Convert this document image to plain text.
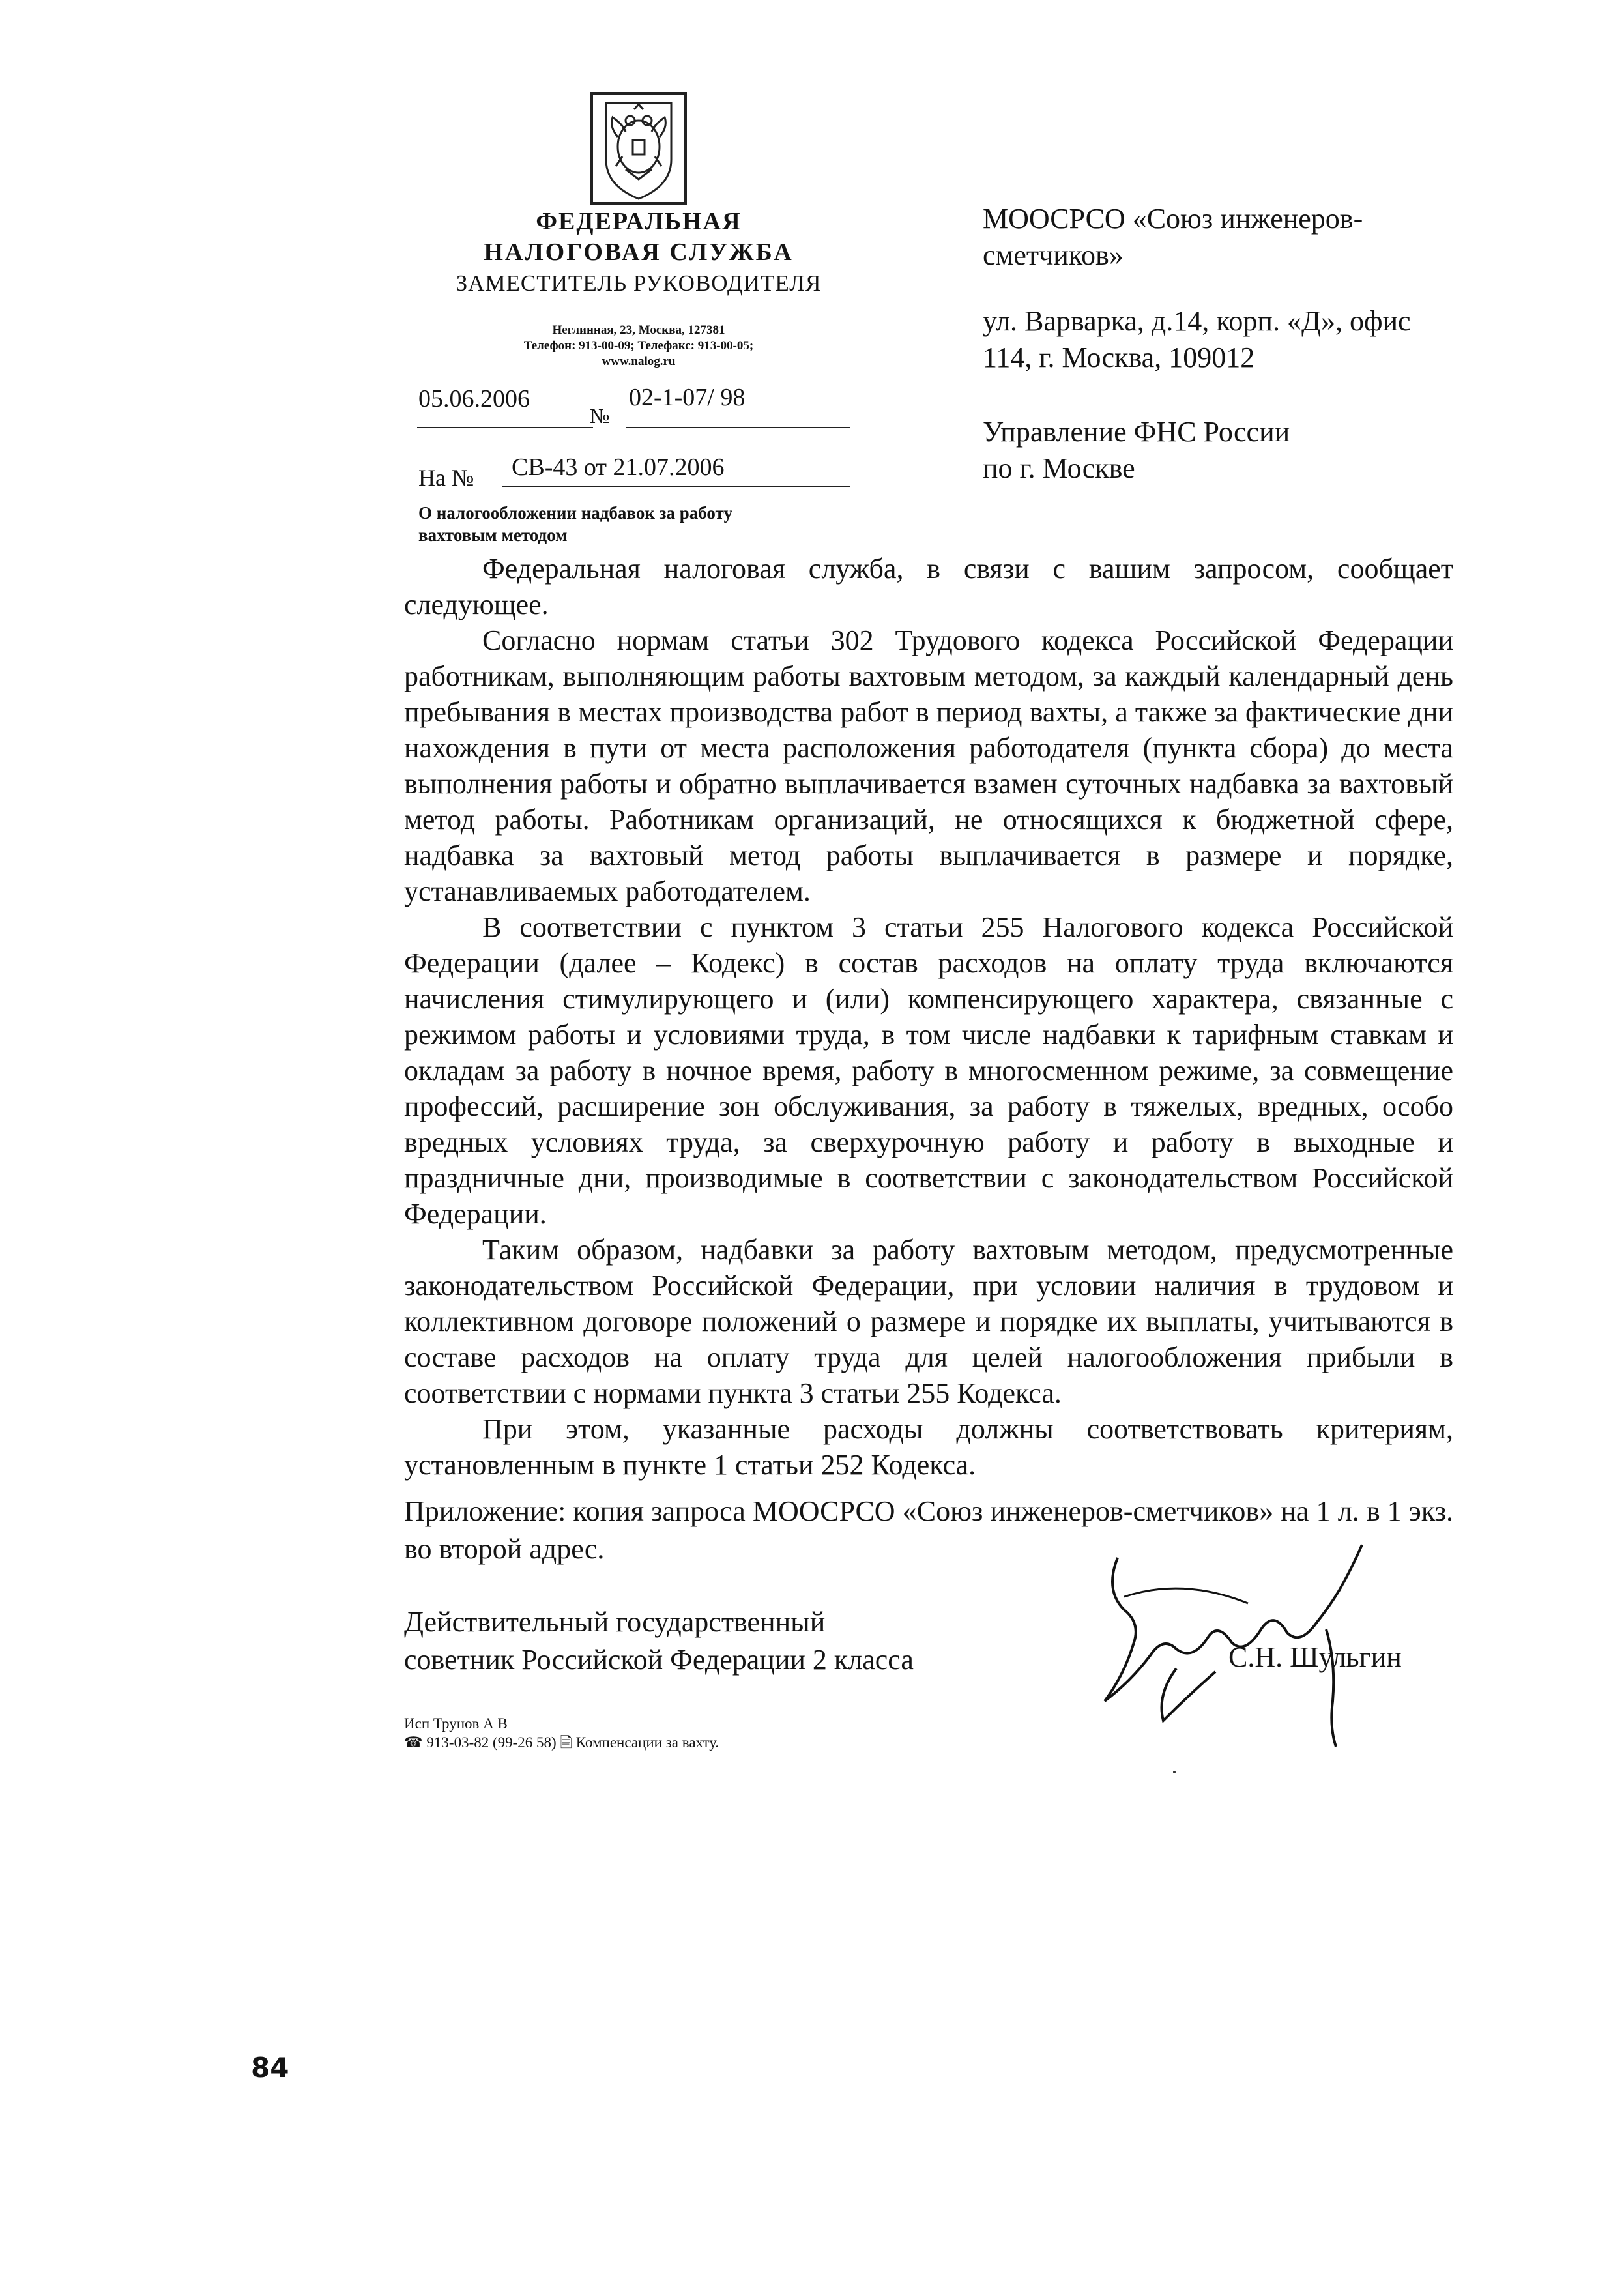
ФЕДЕРАЛЬНАЯ
НАЛОГОВАЯ СЛУЖБА
ЗАМЕСТИТЕЛЬ РУКОВОДИТЕЛЯ
Неглинная, 23, Москва, 127381
Телефон: 913-00-09; Телефакс: 913-00-05;
www.nalog.ru
05.06.2006
№
02-1-07/ 98
На № СВ-43 от 21.07.2006
О налогообложении надбавок за работу
вахтовым методом
МООСРСО «Союз инженеров-
сметчиков»
ул. Варварка, д.14, корп. «Д», офис
114, г. Москва, 109012
Управление ФНС России
по г. Москве

Федеральная налоговая служба, в связи с вашим запросом, сообщает следующее.

Согласно нормам статьи 302 Трудового кодекса Российской Федерации работникам, выполняющим работы вахтовым методом, за каждый календарный день пребывания в местах производства работ в период вахты, а также за фактические дни нахождения в пути от места расположения работодателя (пункта сбора) до места выполнения работы и обратно выплачивается взамен суточных надбавка за вахтовый метод работы. Работникам организаций, не относящихся к бюджетной сфере, надбавка за вахтовый метод работы выплачивается в размере и порядке, устанавливаемых работодателем.

В соответствии с пунктом 3 статьи 255 Налогового кодекса Российской Федерации (далее – Кодекс) в состав расходов на оплату труда включаются начисления стимулирующего и (или) компенсирующего характера, связанные с режимом работы и условиями труда, в том числе надбавки к тарифным ставкам и окладам за работу в ночное время, работу в многосменном режиме, за совмещение профессий, расширение зон обслуживания, за работу в тяжелых, вредных, особо вредных условиях труда, за сверхурочную работу и работу в выходные и праздничные дни, производимые в соответствии с законодательством Российской Федерации.

Таким образом, надбавки за работу вахтовым методом, предусмотренные законодательством Российской Федерации, при условии наличия в трудовом и коллективном договоре положений о размере и порядке их выплаты, учитываются в составе расходов на оплату труда для целей налогообложения прибыли в соответствии с нормами пункта 3 статьи 255 Кодекса.

При этом, указанные расходы должны соответствовать критериям, установленным в пункте 1 статьи 252 Кодекса.

Приложение: копия запроса МООСРСО «Союз инженеров-сметчиков» на 1 л. в 1 экз. во второй адрес.
Действительный государственный
советник Российской Федерации 2 класса	С.Н. Шульгин
Исп Трунов А В
☎ 913-03-82 (99-26 58) 🖹 Компенсации за вахту.
84
